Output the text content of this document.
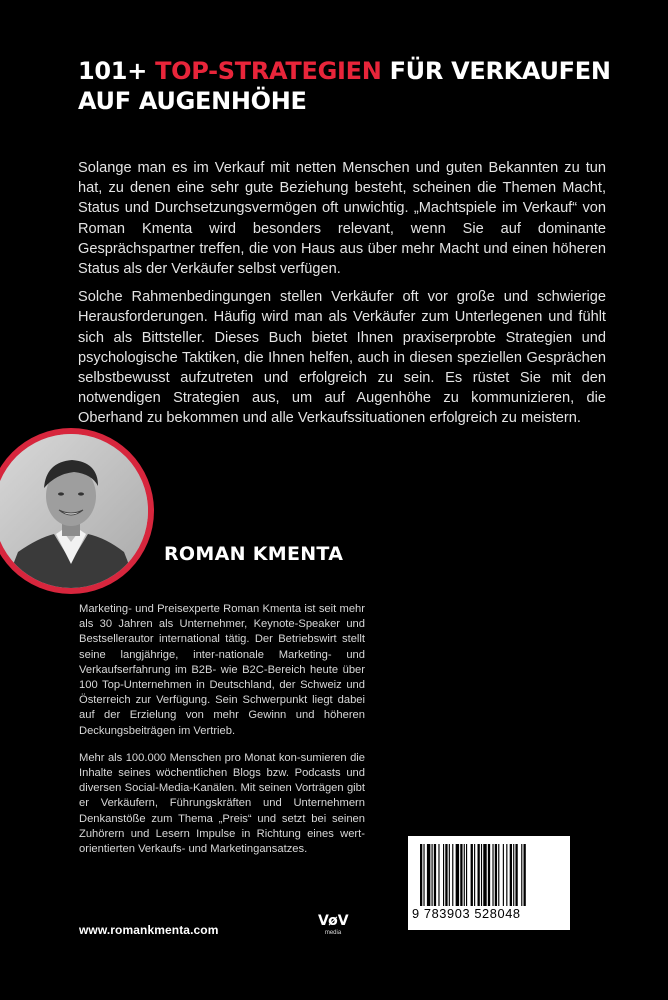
101+ TOP-STRATEGIEN FÜR VERKAUFEN
AUF AUGENHÖHE

Solange man es im Verkauf mit netten Menschen und guten Bekannten zu tun hat, zu denen eine sehr gute Beziehung besteht, scheinen die Themen Macht, Status und Durchsetzungsvermögen oft unwichtig. „Machtspiele im Verkauf“ von Roman Kmenta wird besonders relevant, wenn Sie auf dominante Gesprächspartner treffen, die von Haus aus über mehr Macht und einen höheren Status als der Verkäufer selbst verfügen.

Solche Rahmenbedingungen stellen Verkäufer oft vor große und schwierige Herausforderungen. Häufig wird man als Verkäufer zum Unterlegenen und fühlt sich als Bittsteller. Dieses Buch bietet Ihnen praxiserprobte Strategien und psychologische Taktiken, die Ihnen helfen, auch in diesen speziellen Gesprächen selbstbewusst aufzutreten und erfolgreich zu sein. Es rüstet Sie mit den notwendigen Strategien aus, um auf Augenhöhe zu kommunizieren, die Oberhand zu bekommen und alle Verkaufssituationen erfolgreich zu meistern.

ROMAN KMENTA

Marketing- und Preisexperte Roman Kmenta ist seit mehr als 30 Jahren als Unternehmer, Keynote-Speaker und Bestsellerautor international tätig. Der Betriebswirt stellt seine langjährige, inter-nationale Marketing- und Verkaufserfahrung im B2B- wie B2C-Bereich heute über 100 Top-Unternehmen in Deutschland, der Schweiz und Österreich zur Verfügung. Sein Schwerpunkt liegt dabei auf der Erzielung von mehr Gewinn und höheren Deckungsbeiträgen im Vertrieb.

Mehr als 100.000 Menschen pro Monat kon-sumieren die Inhalte seines wöchentlichen Blogs bzw. Podcasts und diversen Social-Media-Kanälen. Mit seinen Vorträgen gibt er Verkäufern, Führungskräften und Unternehmern Denkanstöße zum Thema „Preis“ und setzt bei seinen Zuhörern und Lesern Impulse in Richtung eines wert-orientierten Verkaufs- und Marketingansatzes.

9 783903 528048
www.romankmenta.com
VøV
media
